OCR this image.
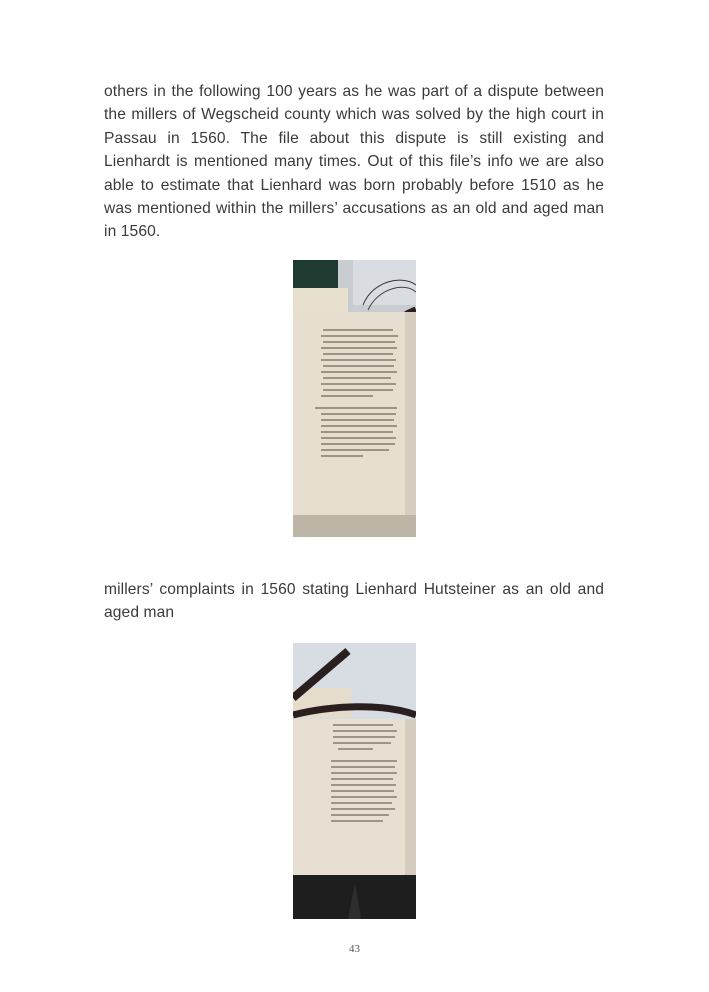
others in the following 100 years as he was part of a dispute between the millers of Wegscheid county which was solved by the high court in Passau in 1560. The file about this dispute is still existing and Lienhardt is mentioned many times. Out of this file’s info we are also able to estimate that Lienhard was born probably before 1510 as he was mentioned within the millers’ accusations as an old and aged man in 1560.

millers’ complaints in 1560 stating Lienhard Hutsteiner as an old and aged man

43
